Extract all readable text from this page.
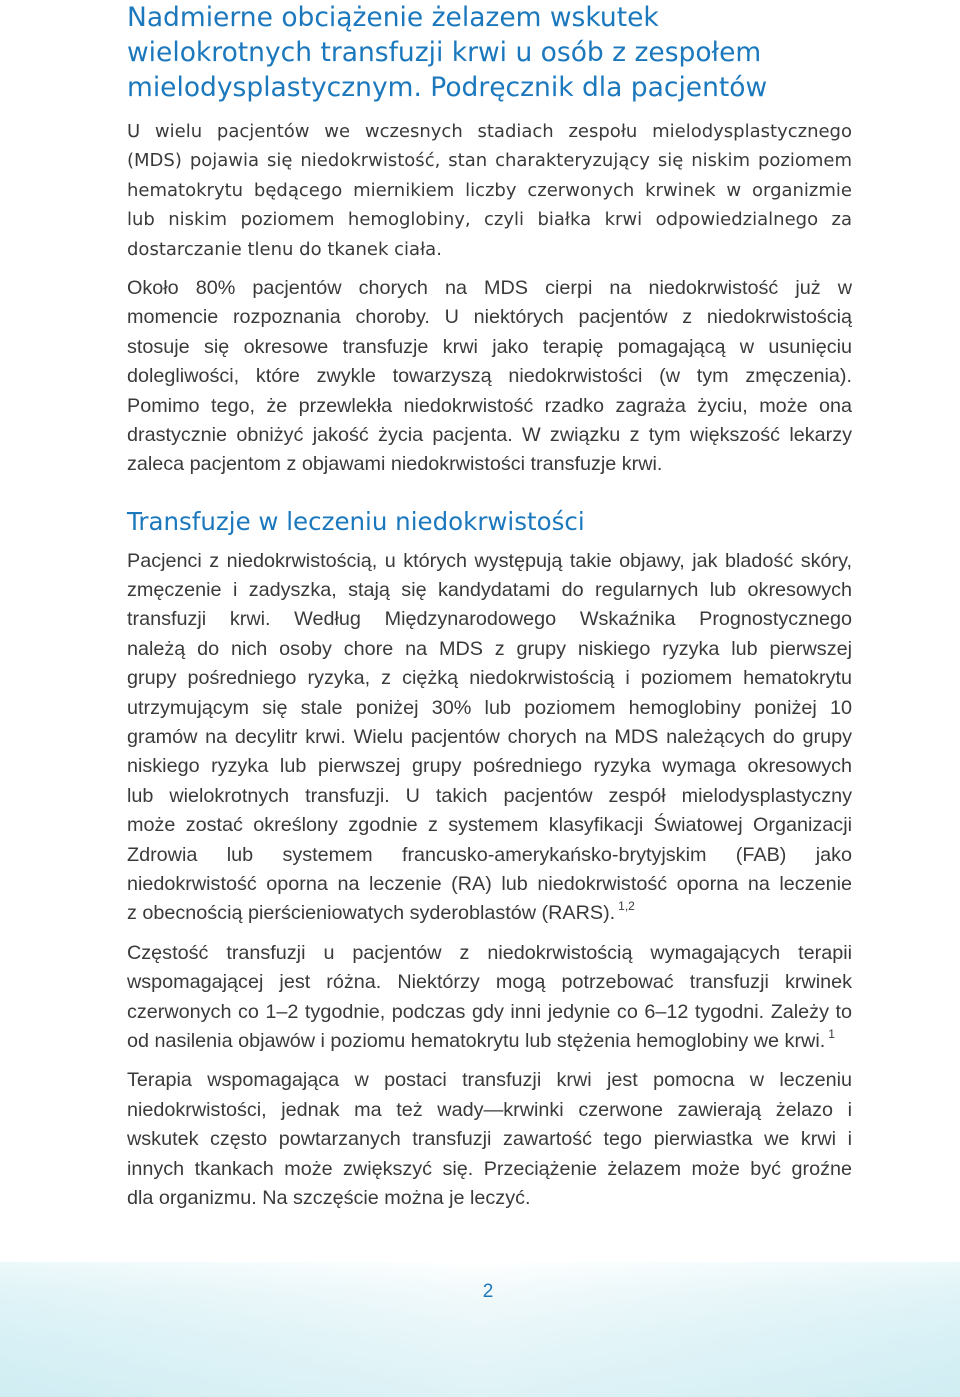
Nadmierne obciążenie żelazem wskutek
wielokrotnych transfuzji krwi u osób z zespołem
mielodysplastycznym. Podręcznik dla pacjentów
U wielu pacjentów we wczesnych stadiach zespołu mielodysplastycznego
(MDS) pojawia się niedokrwistość, stan charakteryzujący się niskim poziomem
hematokrytu będącego miernikiem liczby czerwonych krwinek w organizmie
lub niskim poziomem hemoglobiny, czyli białka krwi odpowiedzialnego za
dostarczanie tlenu do tkanek ciała.
Około 80% pacjentów chorych na MDS cierpi na niedokrwistość już w
momencie rozpoznania choroby. U niektórych pacjentów z niedokrwistością
stosuje się okresowe transfuzje krwi jako terapię pomagającą w usunięciu
dolegliwości, które zwykle towarzyszą niedokrwistości (w tym zmęczenia).
Pomimo tego, że przewlekła niedokrwistość rzadko zagraża życiu, może ona
drastycznie obniżyć jakość życia pacjenta. W związku z tym większość lekarzy
zaleca pacjentom z objawami niedokrwistości transfuzje krwi.
Transfuzje w leczeniu niedokrwistości
Pacjenci z niedokrwistością, u których występują takie objawy, jak bladość skóry,
zmęczenie i zadyszka, stają się kandydatami do regularnych lub okresowych
transfuzji krwi. Według Międzynarodowego Wskaźnika Prognostycznego
należą do nich osoby chore na MDS z grupy niskiego ryzyka lub pierwszej
grupy pośredniego ryzyka, z ciężką niedokrwistością i poziomem hematokrytu
utrzymującym się stale poniżej 30% lub poziomem hemoglobiny poniżej 10
gramów na decylitr krwi. Wielu pacjentów chorych na MDS należących do grupy
niskiego ryzyka lub pierwszej grupy pośredniego ryzyka wymaga okresowych
lub wielokrotnych transfuzji. U takich pacjentów zespół mielodysplastyczny
może zostać określony zgodnie z systemem klasyfikacji Światowej Organizacji
Zdrowia lub systemem francusko-amerykańsko-brytyjskim (FAB) jako
niedokrwistość oporna na leczenie (RA) lub niedokrwistość oporna na leczenie
z obecnością pierścieniowatych syderoblastów (RARS). $^{1,2}$
Częstość transfuzji u pacjentów z niedokrwistością wymagających terapii
wspomagającej jest różna. Niektórzy mogą potrzebować transfuzji krwinek
czerwonych co 1–2 tygodnie, podczas gdy inni jedynie co 6–12 tygodni. Zależy to
od nasilenia objawów i poziomu hematokrytu lub stężenia hemoglobiny we krwi. $^1$
Terapia wspomagająca w postaci transfuzji krwi jest pomocna w leczeniu
niedokrwistości, jednak ma też wady—krwinki czerwone zawierają żelazo i
wskutek często powtarzanych transfuzji zawartość tego pierwiastka we krwi i
innych tkankach może zwiększyć się. Przeciążenie żelazem może być groźne
dla organizmu. Na szczęście można je leczyć.
2
